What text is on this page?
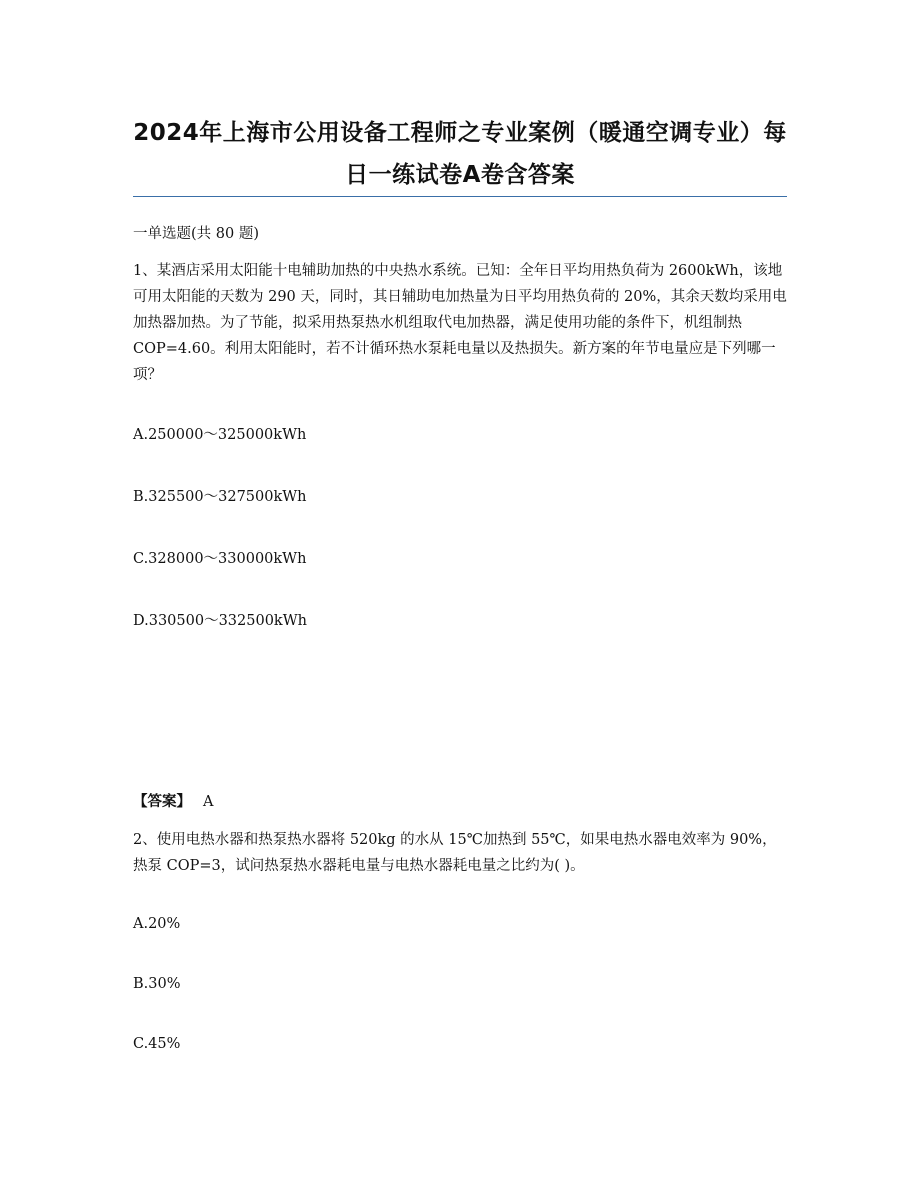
2024年上海市公用设备工程师之专业案例（暖通空调专业）每日一练试卷A卷含答案
一单选题(共 80 题)
1、某酒店采用太阳能十电辅助加热的中央热水系统。已知：全年日平均用热负荷为 2600kWh，该地可用太阳能的天数为 290 天，同时，其日辅助电加热量为日平均用热负荷的 20%，其余天数均采用电加热器加热。为了节能，拟采用热泵热水机组取代电加热器，满足使用功能的条件下，机组制热 COP=4.60。利用太阳能时，若不计循环热水泵耗电量以及热损失。新方案的年节电量应是下列哪一项？
A.250000～325000kWh
B.325500～327500kWh
C.328000～330000kWh
D.330500～332500kWh
【答案】 A
2、使用电热水器和热泵热水器将 520kg 的水从 15℃加热到 55℃，如果电热水器电效率为 90%，热泵 COP=3，试问热泵热水器耗电量与电热水器耗电量之比约为( )。
A.20%
B.30%
C.45%
